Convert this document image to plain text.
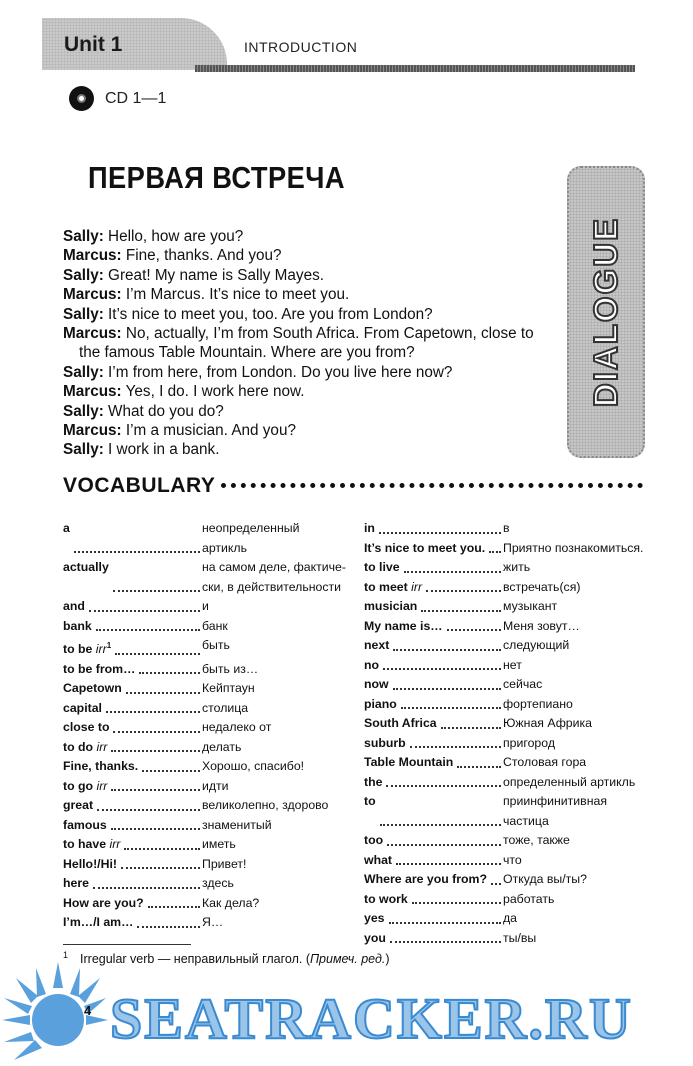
Unit 1	INTRODUCTION
CD 1—1
ПЕРВАЯ ВСТРЕЧА
DIALOGUE
Sally: Hello, how are you?
Marcus: Fine, thanks. And you?
Sally: Great! My name is Sally Mayes.
Marcus: I’m Marcus. It’s nice to meet you.
Sally: It’s nice to meet you, too. Are you from London?
Marcus: No, actually, I’m from South Africa. From Capetown, close to the famous Table Mountain. Where are you from?
Sally: I’m from here, from London. Do you live here now?
Marcus: Yes, I do. I work here now.
Sally: What do you do?
Marcus: I’m a musician. And you?
Sally: I work in a bank.
VOCABULARY
a	неопределенный
артикль
actually	на самом деле, фактиче-
ски, в действительности
and	и
bank	банк
to be irr$^1$	быть
to be from…	быть из…
Capetown	Кейптаун
capital	столица
close to	недалеко от
to do irr	делать
Fine, thanks.	Хорошо, спасибо!
to go irr	идти
great	великолепно, здорово
famous	знаменитый
to have irr	иметь
Hello!/Hi!	Привет!
here	здесь
How are you?	Как дела?
I’m…/I am…	Я…
in	в
It’s nice to meet you. Приятно познакомиться.
to live	жить
to meet irr	встречать(ся)
musician	музыкант
My name is…	Меня зовут…
next	следующий
no	нет
now	сейчас
piano	фортепиано
South Africa	Южная Африка
suburb	пригород
Table Mountain	Столовая гора
the	определенный артикль
to	приинфинитивная частица
too	тоже, также
what	что
Where are you from? Откуда вы/ты?
to work	работать
yes	да
you	ты/вы
$^1$ Irregular verb — неправильный глагол. (Примеч. ред.)
4 SEATRACKER.RU
